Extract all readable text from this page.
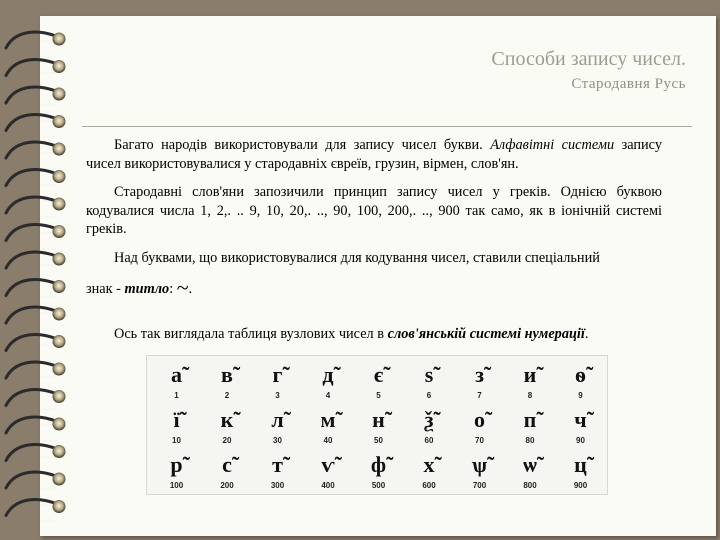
Способи запису чисел.
Стародавня Русь

Багато народів використовували для запису чисел букви. Алфавітні системи запису чисел використовувалися у стародавніх євреїв, грузин, вірмен, слов'ян.

Стародавні слов'яни запозичили принцип запису чисел у греків. Однією буквою кодувалися числа 1, 2,. .. 9, 10, 20,. .., 90, 100, 200,. .., 900 так само, як в іонічній системі греків.

Над буквами, що використовувалися для кодування чисел, ставили спеціальний

знак - титло: ~.

Ось так виглядала таблиця вузлових чисел в слов'янській системі нумерації.

а̃
1
в̃
2
г̃
3
д̃
4
є̃
5
ѕ̃
6
з̃
7
и̃
8
ѳ̃
9
ї̃
10
к̃
20
л̃
30
м̃
40
н̃
50
ѯ̃
60
о̃
70
п̃
80
ч̃
90
р̃
100
с̃
200
т̃
300
ѵ̃
400
ф̃
500
х̃
600
ѱ̃
700
ѡ̃
800
ц̃
900
